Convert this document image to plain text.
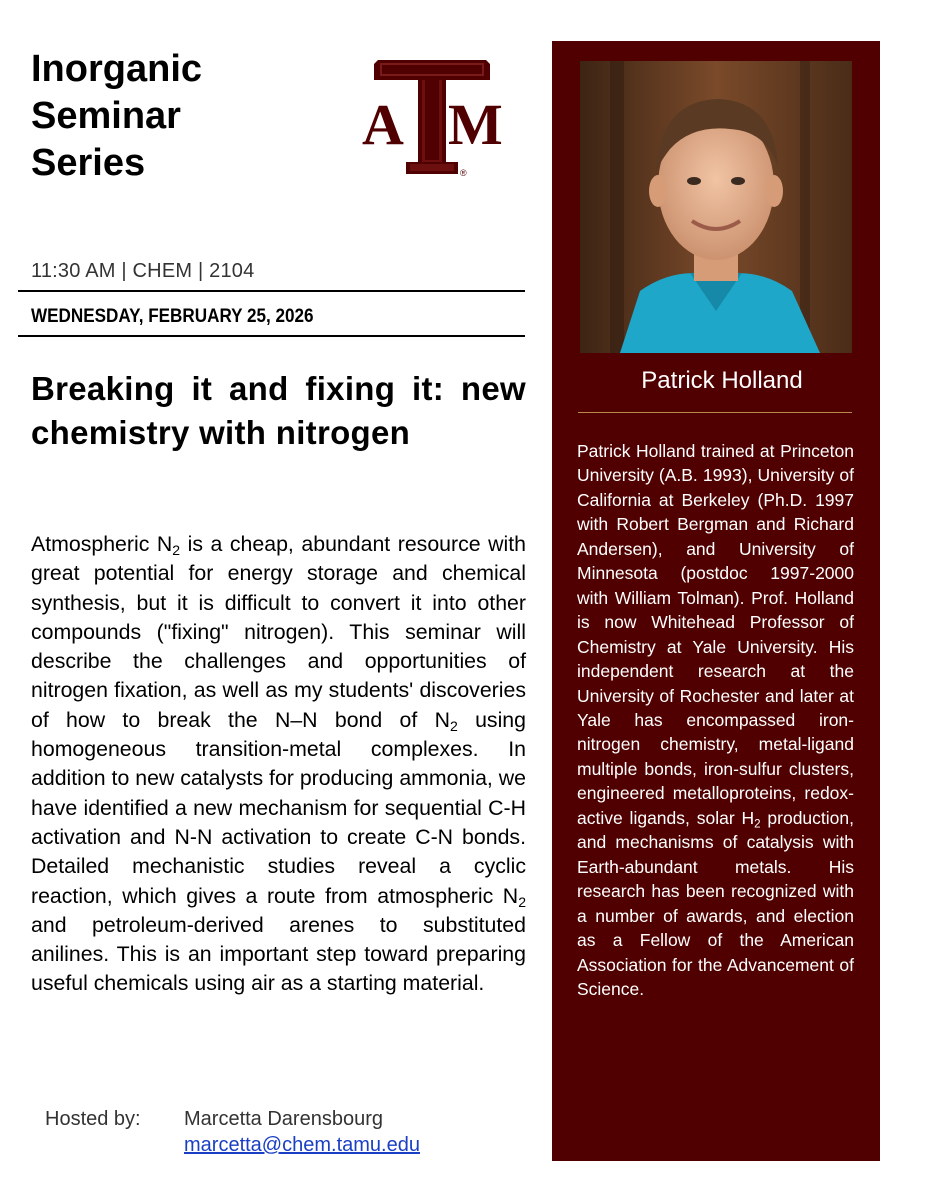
Inorganic
Seminar
Series
A M
®
11:30 AM | CHEM | 2104
WEDNESDAY, FEBRUARY 25, 2026
Breaking it and fixing it: new chemistry with nitrogen

Atmospheric $N_2$ is a cheap, abundant resource with great potential for energy storage and chemical synthesis, but it is difficult to convert it into other compounds ("fixing" nitrogen). This seminar will describe the challenges and opportunities of nitrogen fixation, as well as my students' discoveries of how to break the N–N bond of $N_2$ using homogeneous transition-metal complexes. In addition to new catalysts for producing ammonia, we have identified a new mechanism for sequential C-H activation and N-N activation to create C-N bonds. Detailed mechanistic studies reveal a cyclic reaction, which gives a route from atmospheric $N_2$ and petroleum-derived arenes to substituted anilines. This is an important step toward preparing useful chemicals using air as a starting material.

Hosted by: Marcetta Darensbourg
marcetta@chem.tamu.edu
Patrick Holland

Patrick Holland trained at Princeton University (A.B. 1993), University of California at Berkeley (Ph.D. 1997 with Robert Bergman and Richard Andersen), and University of Minnesota (postdoc 1997-2000 with William Tolman). Prof. Holland is now Whitehead Professor of Chemistry at Yale University. His independent research at the University of Rochester and later at Yale has encompassed iron-nitrogen chemistry, metal-ligand multiple bonds, iron-sulfur clusters, engineered metalloproteins, redox-active ligands, solar $H_2$ production, and mechanisms of catalysis with Earth-abundant metals. His research has been recognized with a number of awards, and election as a Fellow of the American Association for the Advancement of Science.
